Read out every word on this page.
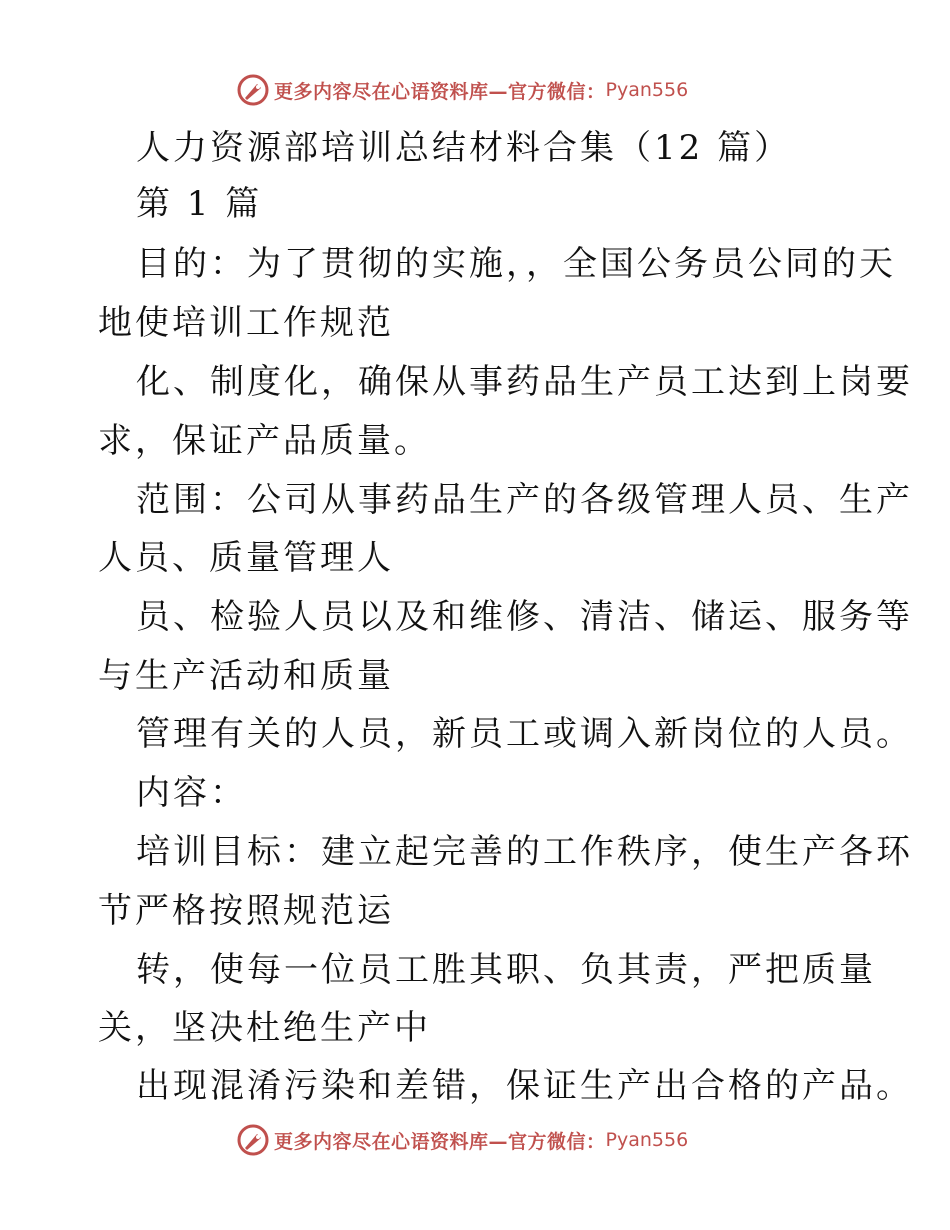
更多内容尽在心语资料库—官方微信： Pyan556
人力资源部培训总结材料合集（12 篇）
第 1 篇
目的：为了贯彻的实施，，全国公务员公同的天
地使培训工作规范
化、制度化，确保从事药品生产员工达到上岗要
求，保证产品质量。
范围：公司从事药品生产的各级管理人员、生产
人员、质量管理人
员、检验人员以及和维修、清洁、储运、服务等
与生产活动和质量
管理有关的人员，新员工或调入新岗位的人员。
内容：
培训目标：建立起完善的工作秩序，使生产各环
节严格按照规范运
转，使每一位员工胜其职、负其责，严把质量
关，坚决杜绝生产中
出现混淆污染和差错，保证生产出合格的产品。
更多内容尽在心语资料库—官方微信： Pyan556
